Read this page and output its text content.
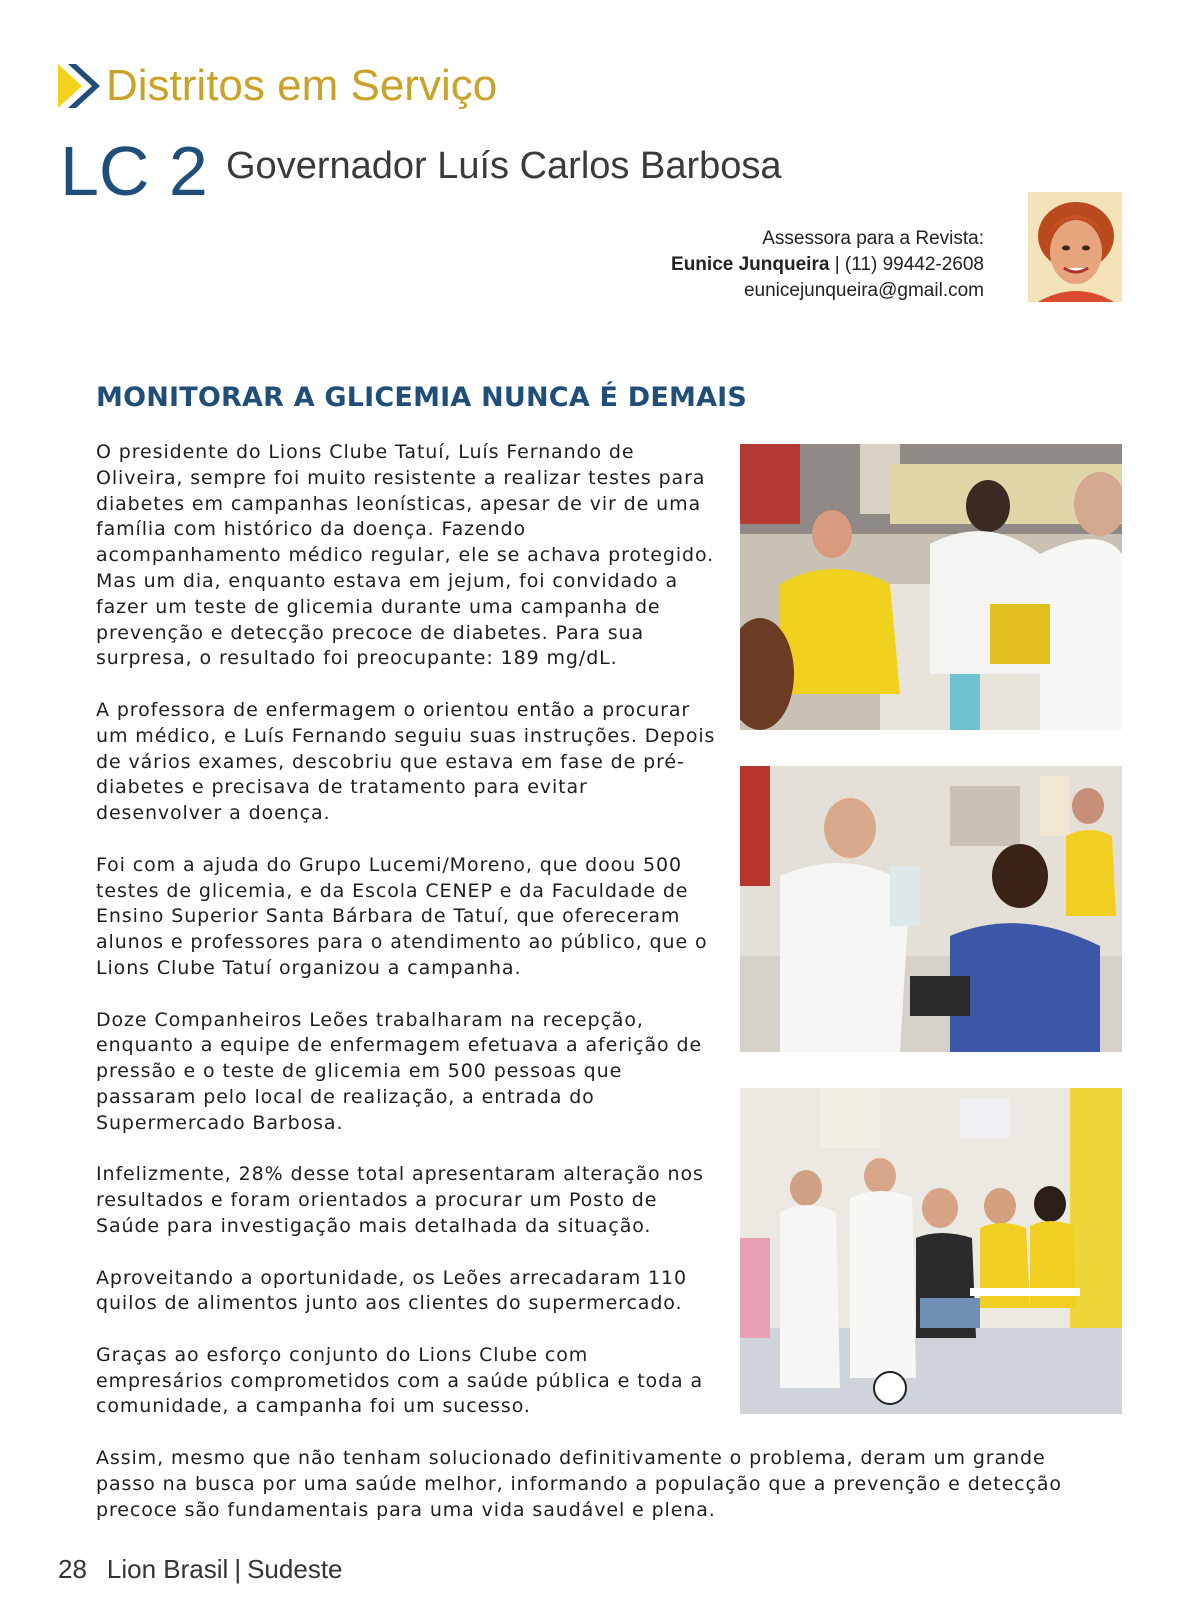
Distritos em Serviço
LC 2 Governador Luís Carlos Barbosa
Assessora para a Revista:
Eunice Junqueira | (11) 99442-2608
eunicejunqueira@gmail.com
MONITORAR A GLICEMIA NUNCA É DEMAIS

O presidente do Lions Clube Tatuí, Luís Fernando de Oliveira, sempre foi muito resistente a realizar testes para diabetes em campanhas leonísticas, apesar de vir de uma família com histórico da doença. Fazendo acompanhamento médico regular, ele se achava protegido. Mas um dia, enquanto estava em jejum, foi convidado a fazer um teste de glicemia durante uma campanha de prevenção e detecção precoce de diabetes. Para sua surpresa, o resultado foi preocupante: 189 mg/dL.

A professora de enfermagem o orientou então a procurar um médico, e Luís Fernando seguiu suas instruções. Depois de vários exames, descobriu que estava em fase de pré-diabetes e precisava de tratamento para evitar desenvolver a doença.

Foi com a ajuda do Grupo Lucemi/Moreno, que doou 500 testes de glicemia, e da Escola CENEP e da Faculdade de Ensino Superior Santa Bárbara de Tatuí, que ofereceram alunos e professores para o atendimento ao público, que o Lions Clube Tatuí organizou a campanha.

Doze Companheiros Leões trabalharam na recepção, enquanto a equipe de enfermagem efetuava a aferição de pressão e o teste de glicemia em 500 pessoas que passaram pelo local de realização, a entrada do Supermercado Barbosa.

Infelizmente, 28% desse total apresentaram alteração nos resultados e foram orientados a procurar um Posto de Saúde para investigação mais detalhada da situação.

Aproveitando a oportunidade, os Leões arrecadaram 110 quilos de alimentos junto aos clientes do supermercado.

Graças ao esforço conjunto do Lions Clube com empresários comprometidos com a saúde pública e toda a comunidade, a campanha foi um sucesso.

Assim, mesmo que não tenham solucionado definitivamente o problema, deram um grande passo na busca por uma saúde melhor, informando a população que a prevenção e detecção precoce são fundamentais para uma vida saudável e plena.

28 Lion Brasil | Sudeste
